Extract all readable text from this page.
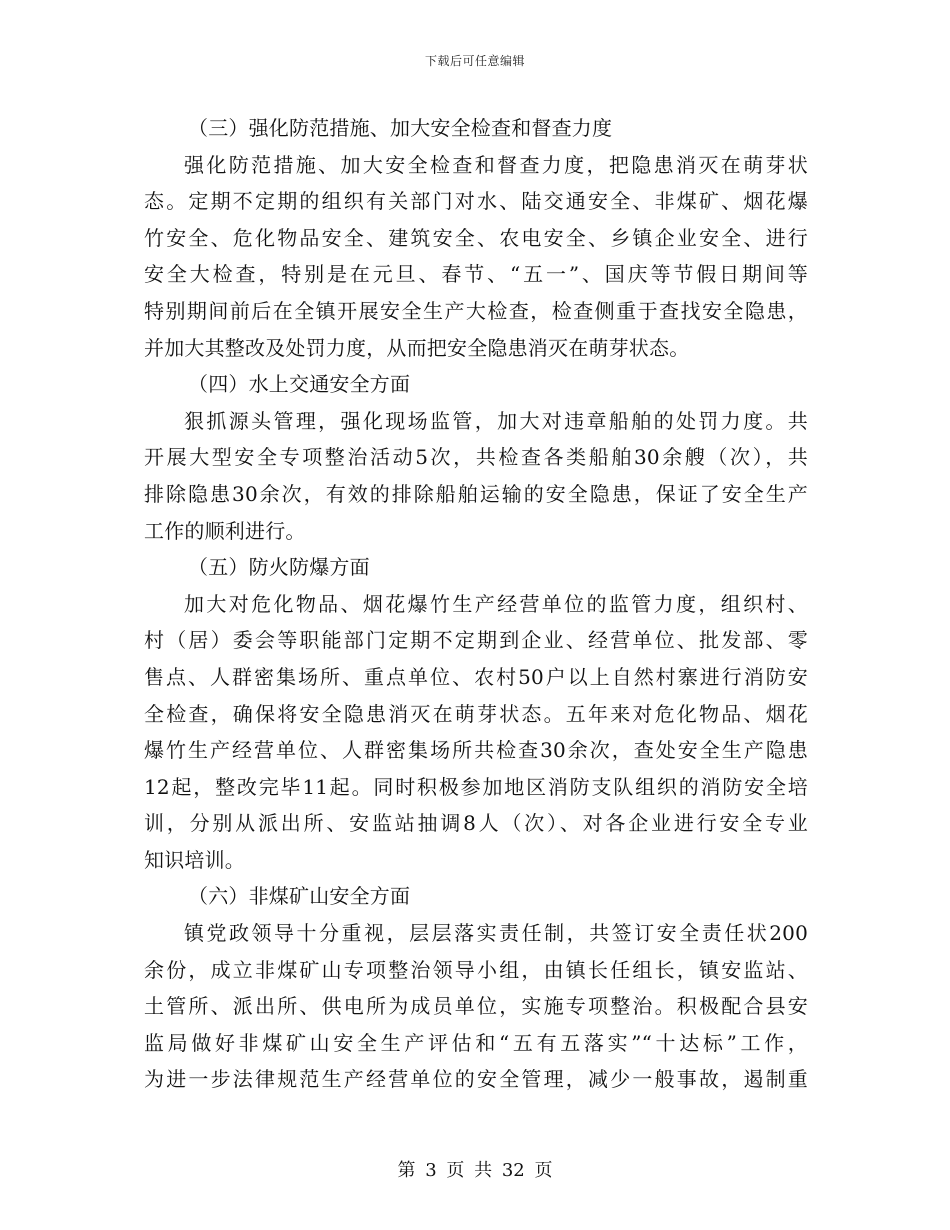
下载后可任意编辑
（三）强化防范措施、加大安全检查和督查力度
强化防范措施、加大安全检查和督查力度，把隐患消灭在萌芽状
态。定期不定期的组织有关部门对水、陆交通安全、非煤矿、烟花爆
竹安全、危化物品安全、建筑安全、农电安全、乡镇企业安全、进行
安全大检查，特别是在元旦、春节、“五一”、国庆等节假日期间等
特别期间前后在全镇开展安全生产大检查，检查侧重于查找安全隐患，
并加大其整改及处罚力度，从而把安全隐患消灭在萌芽状态。
（四）水上交通安全方面
狠抓源头管理，强化现场监管，加大对违章船舶的处罚力度。共
开展大型安全专项整治活动5次，共检查各类船舶30余艘（次），共
排除隐患30余次，有效的排除船舶运输的安全隐患，保证了安全生产
工作的顺利进行。
（五）防火防爆方面
加大对危化物品、烟花爆竹生产经营单位的监管力度，组织村、
村（居）委会等职能部门定期不定期到企业、经营单位、批发部、零
售点、人群密集场所、重点单位、农村50户以上自然村寨进行消防安
全检查，确保将安全隐患消灭在萌芽状态。五年来对危化物品、烟花
爆竹生产经营单位、人群密集场所共检查30余次，查处安全生产隐患
12起，整改完毕11起。同时积极参加地区消防支队组织的消防安全培
训，分别从派出所、安监站抽调8人（次）、对各企业进行安全专业
知识培训。
（六）非煤矿山安全方面
镇党政领导十分重视，层层落实责任制，共签订安全责任状200
余份，成立非煤矿山专项整治领导小组，由镇长任组长，镇安监站、
土管所、派出所、供电所为成员单位，实施专项整治。积极配合县安
监局做好非煤矿山安全生产评估和“五有五落实”“十达标”工作，
为进一步法律规范生产经营单位的安全管理，减少一般事故，遏制重
第 3 页 共 32 页
